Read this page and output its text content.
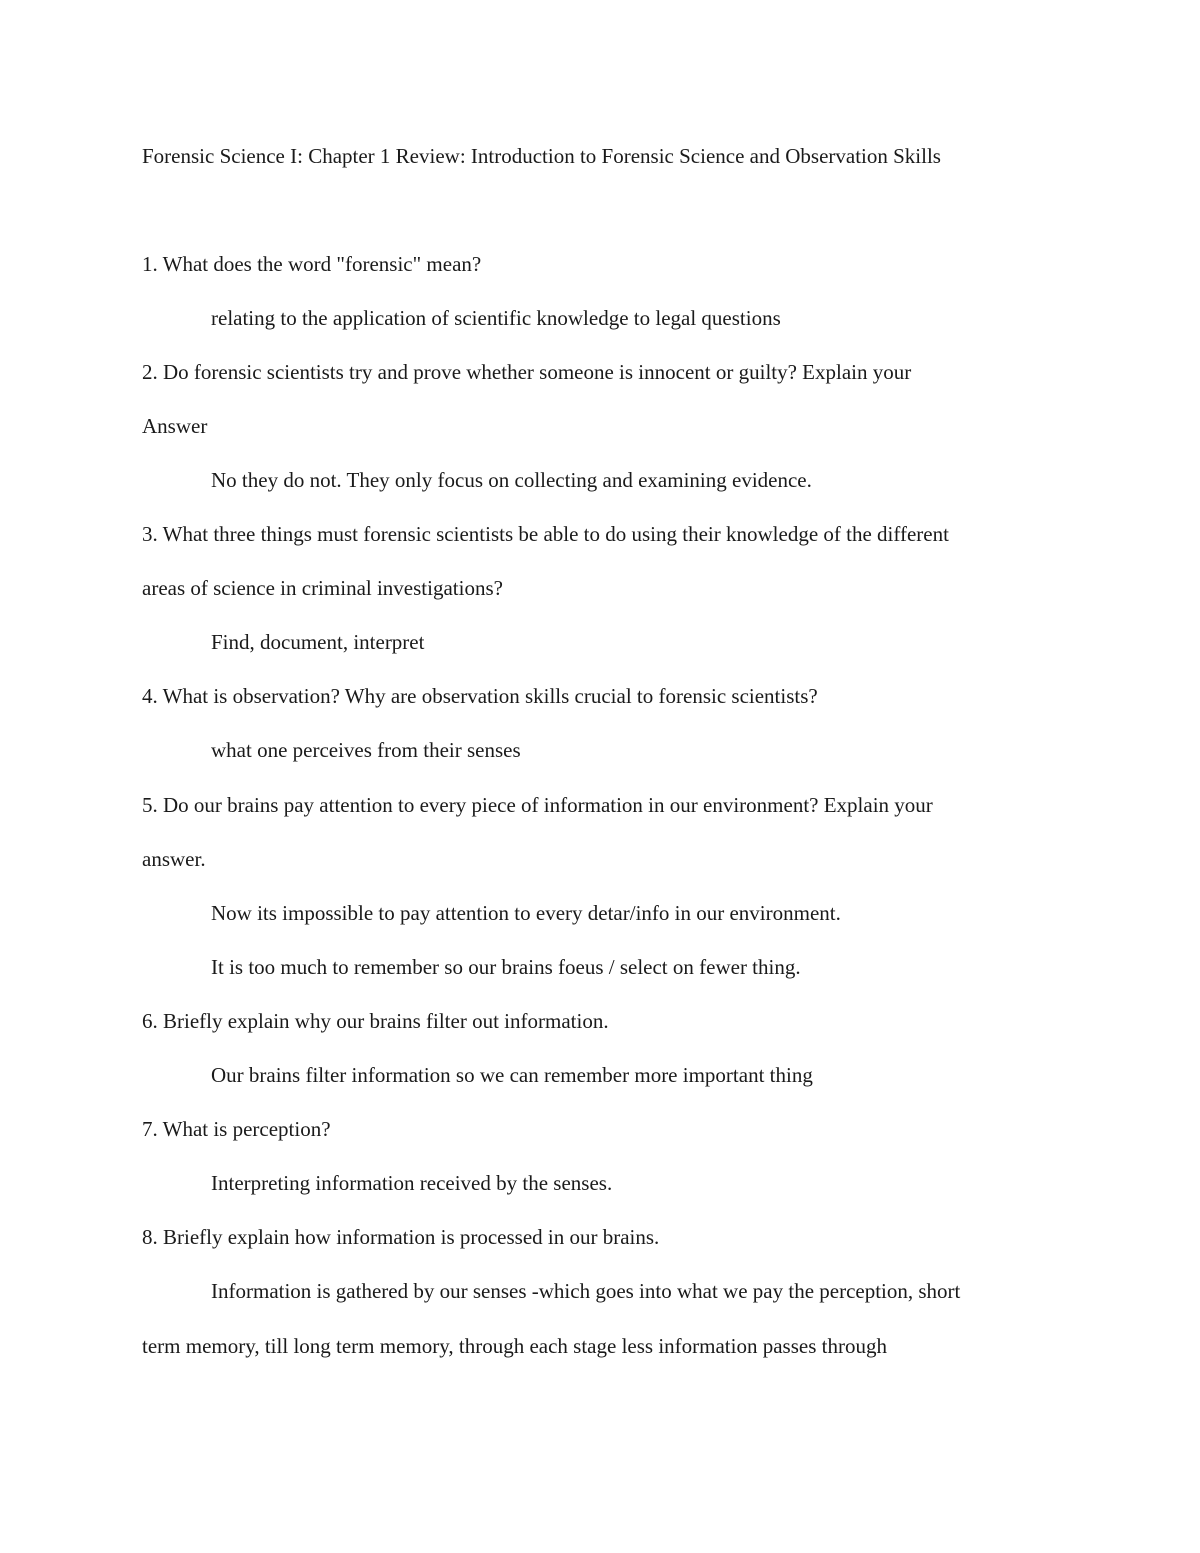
Forensic Science I: Chapter 1 Review: Introduction to Forensic Science and Observation Skills
1. What does the word "forensic" mean?
relating to the application of scientific knowledge to legal questions
2. Do forensic scientists try and prove whether someone is innocent or guilty? Explain your
Answer
No they do not. They only focus on collecting and examining evidence.
3. What three things must forensic scientists be able to do using their knowledge of the different
areas of science in criminal investigations?
Find, document, interpret
4. What is observation? Why are observation skills crucial to forensic scientists?
what one perceives from their senses
5. Do our brains pay attention to every piece of information in our environment? Explain your
answer.
Now its impossible to pay attention to every detar/info in our environment.
It is too much to remember so our brains foeus / select on fewer thing.
6. Briefly explain why our brains filter out information.
Our brains filter information so we can remember more important thing
7. What is perception?
Interpreting information received by the senses.
8. Briefly explain how information is processed in our brains.
Information is gathered by our senses -which goes into what we pay the perception, short
term memory, till long term memory, through each stage less information passes through
